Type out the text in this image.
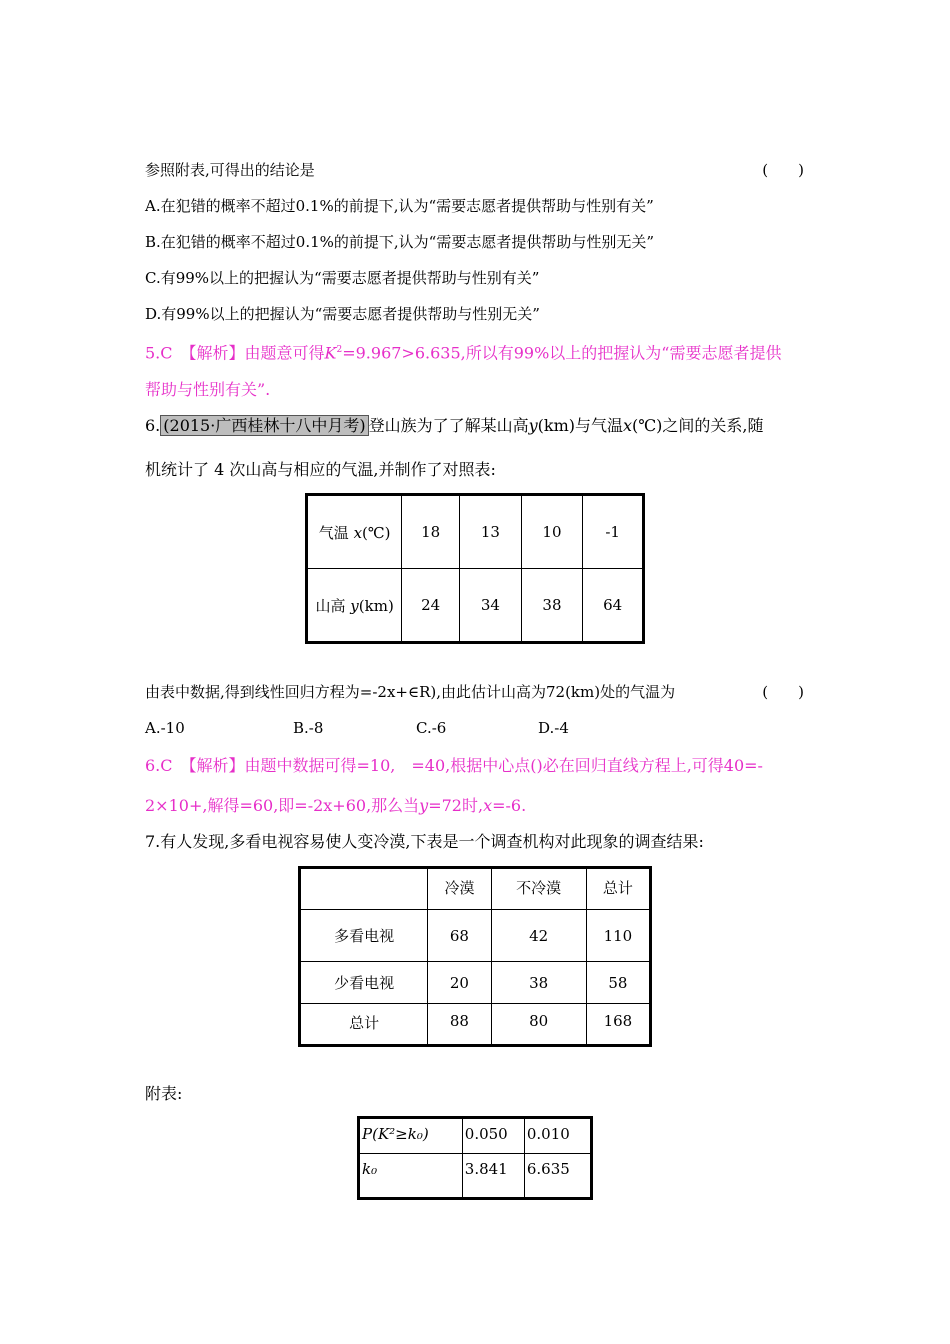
参照附表,可得出的结论是	(　　)
A.在犯错的概率不超过0.1%的前提下,认为“需要志愿者提供帮助与性别有关”
B.在犯错的概率不超过0.1%的前提下,认为“需要志愿者提供帮助与性别无关”
C.有99%以上的把握认为“需要志愿者提供帮助与性别有关”
D.有99%以上的把握认为“需要志愿者提供帮助与性别无关”
5.C　【解析】由题意可得$K^2=9.967>6.635$,所以有99%以上的把握认为“需要志愿者提供
帮助与性别有关”.
6. (2015·广西桂林十八中月考) 登山族为了了解某山高y(km)与气温x(℃)之间的关系,随
机统计了 4 次山高与相应的气温,并制作了对照表:
气温 x(℃)	18	13	10	-1
山高 y(km)	24	34	38	64
由表中数据,得到线性回归方程为=-2x+∈R),由此估计山高为72(km)处的气温为	(　　)
A.-10	B.-8	C.-6	D.-4
6.C　【解析】由题中数据可得=10,　=40,根据中心点()必在回归直线方程上,可得40=-
2×10+,解得=60,即=-2x+60,那么当y=72时,x=-6.
7.有人发现,多看电视容易使人变冷漠,下表是一个调查机构对此现象的调查结果:
	冷漠	不冷漠	总计
多看电视	68	42	110
少看电视	20	38	58
总计	88	80	168
附表:
P(K²≥k₀)	0.050	0.010
k₀	3.841	6.635
